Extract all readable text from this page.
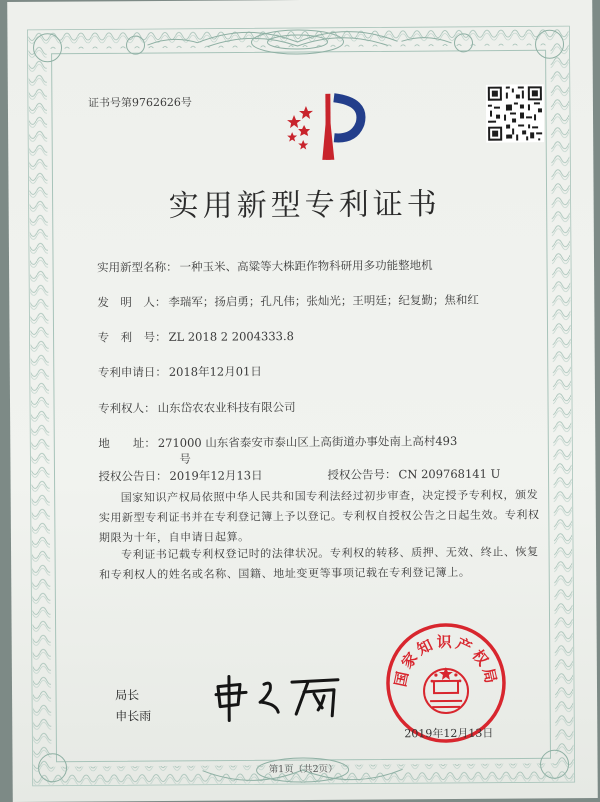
证书号第9762626号
实用新型专利证书
实用新型名称： 一种玉米、高粱等大株距作物科研用多功能整地机
发　明　人： 李瑞军；扬启勇；孔凡伟；张灿光；王明廷；纪复勤；焦和红
专　利　号： ZL 2018 2 2004333.8
专利申请日： 2018年12月01日
专利权人： 山东岱农农业科技有限公司
地　　址： 271000 山东省泰安市泰山区上高街道办事处南上高村493
号
授权公告日： 2019年12月13日	授权公告号： CN 209768141 U
国家知识产权局依照中华人民共和国专利法经过初步审查，决定授予专利权，颁发实用新型专利证书并在专利登记簿上予以登记。专利权自授权公告之日起生效。专利权期限为十年，自申请日起算。
专利证书记载专利权登记时的法律状况。专利权的转移、质押、无效、终止、恢复和专利权人的姓名或名称、国籍、地址变更等事项记载在专利登记簿上。
局长
申长雨
国家知识产权局
2019年12月13日
第1页（共2页）
